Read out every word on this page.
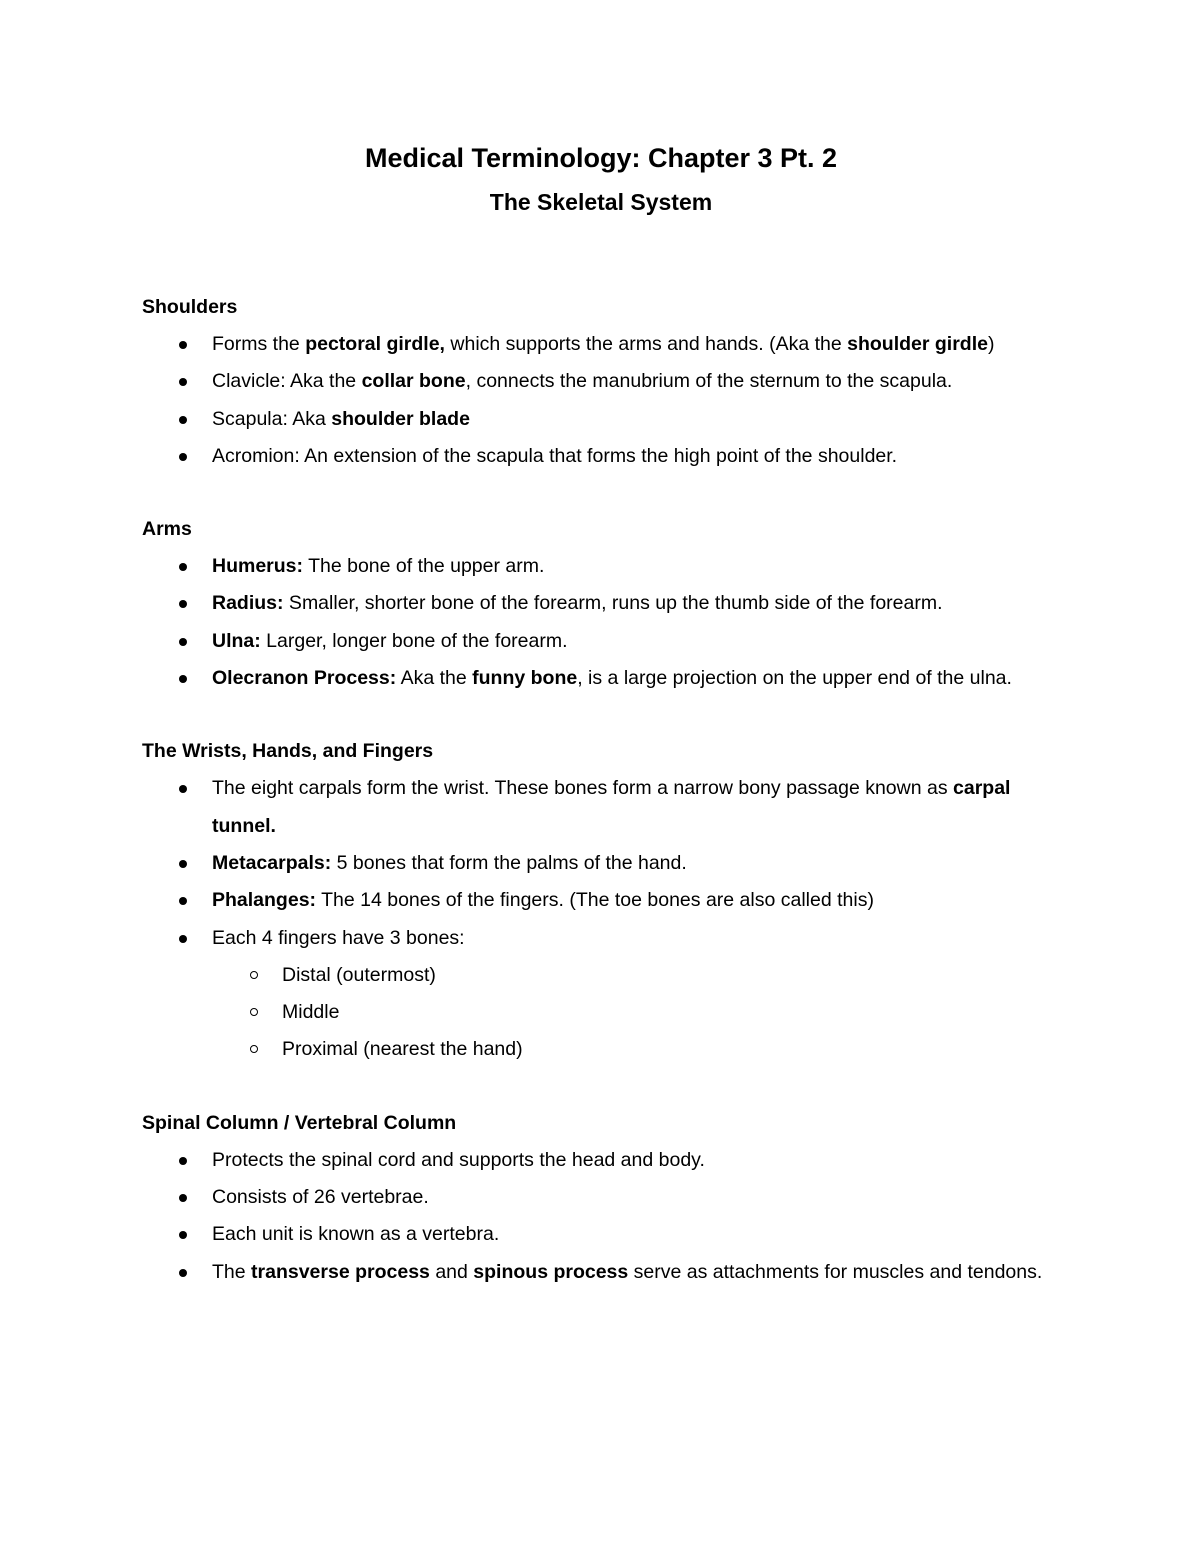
Medical Terminology: Chapter 3 Pt. 2
The Skeletal System
Shoulders
Forms the pectoral girdle, which supports the arms and hands. (Aka the shoulder girdle)
Clavicle: Aka the collar bone, connects the manubrium of the sternum to the scapula.
Scapula: Aka shoulder blade
Acromion: An extension of the scapula that forms the high point of the shoulder.
Arms
Humerus: The bone of the upper arm.
Radius: Smaller, shorter bone of the forearm, runs up the thumb side of the forearm.
Ulna: Larger, longer bone of the forearm.
Olecranon Process: Aka the funny bone, is a large projection on the upper end of the ulna.
The Wrists, Hands, and Fingers
The eight carpals form the wrist. These bones form a narrow bony passage known as carpal tunnel.
Metacarpals: 5 bones that form the palms of the hand.
Phalanges: The 14 bones of the fingers. (The toe bones are also called this)
Each 4 fingers have 3 bones:
Distal (outermost)
Middle
Proximal (nearest the hand)
Spinal Column / Vertebral Column
Protects the spinal cord and supports the head and body.
Consists of 26 vertebrae.
Each unit is known as a vertebra.
The transverse process and spinous process serve as attachments for muscles and tendons.
